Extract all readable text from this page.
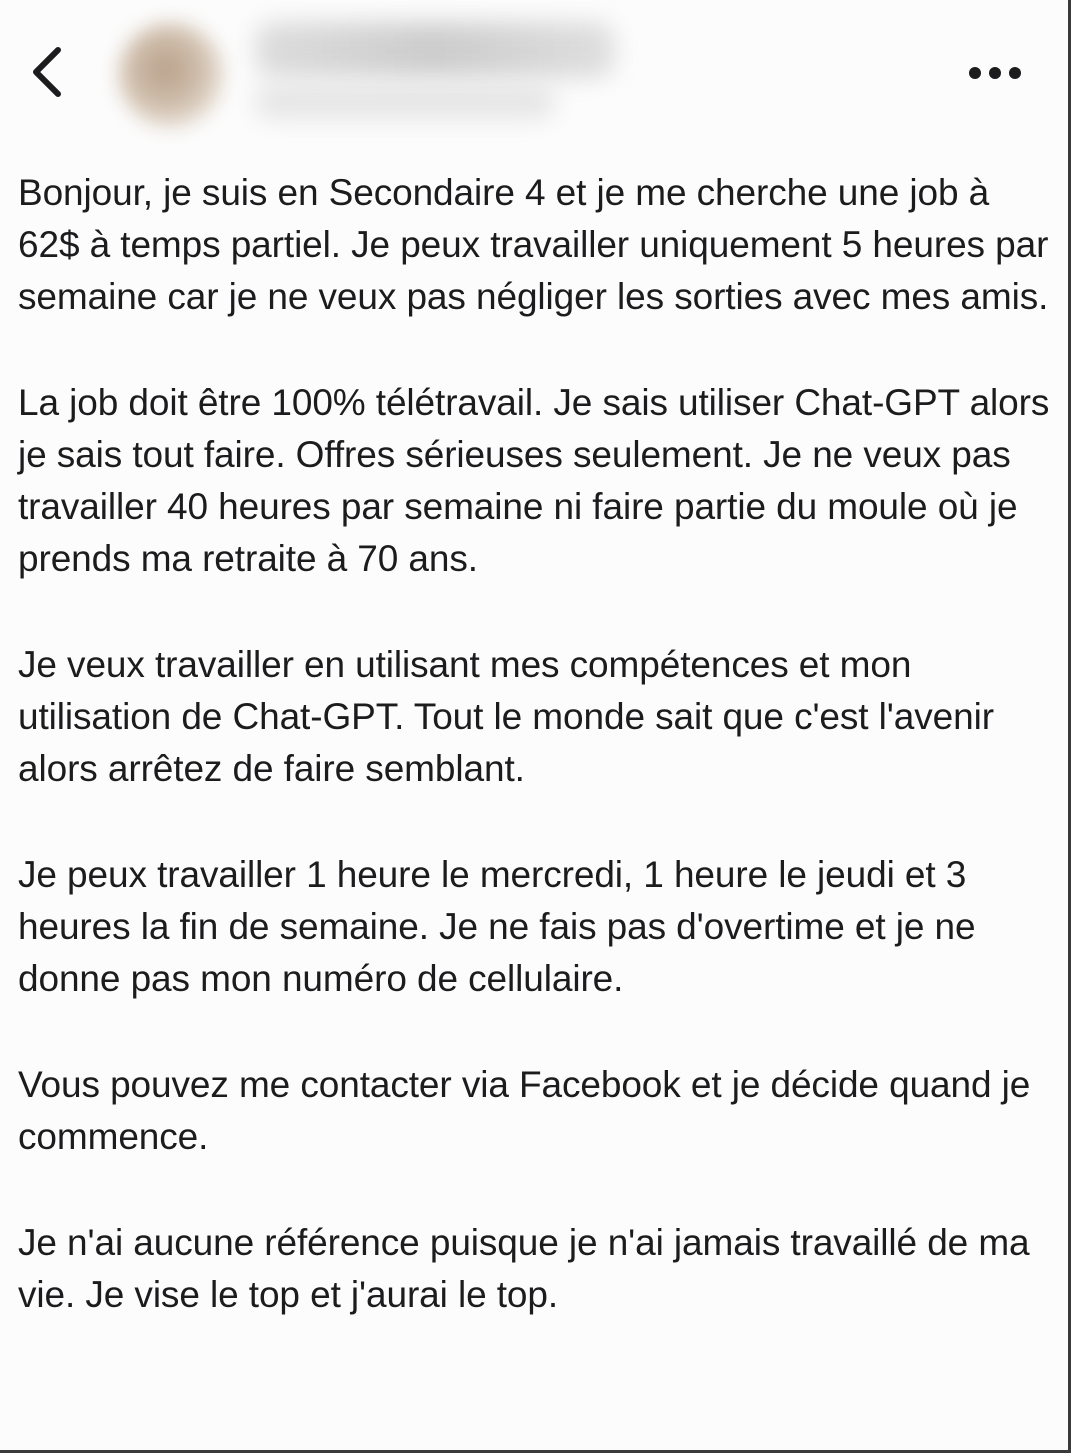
Bonjour, je suis en Secondaire 4 et je me cherche une job à 62$ à temps partiel. Je peux travailler uniquement 5 heures par semaine car je ne veux pas négliger les sorties avec mes amis.

La job doit être 100% télétravail. Je sais utiliser Chat-GPT alors je sais tout faire. Offres sérieuses seulement. Je ne veux pas travailler 40 heures par semaine ni faire partie du moule où je prends ma retraite à 70 ans.

Je veux travailler en utilisant mes compétences et mon utilisation de Chat-GPT. Tout le monde sait que c'est l'avenir alors arrêtez de faire semblant.

Je peux travailler 1 heure le mercredi, 1 heure le jeudi et 3 heures la fin de semaine. Je ne fais pas d'overtime et je ne donne pas mon numéro de cellulaire.

Vous pouvez me contacter via Facebook et je décide quand je commence.

Je n'ai aucune référence puisque je n'ai jamais travaillé de ma vie. Je vise le top et j'aurai le top.
